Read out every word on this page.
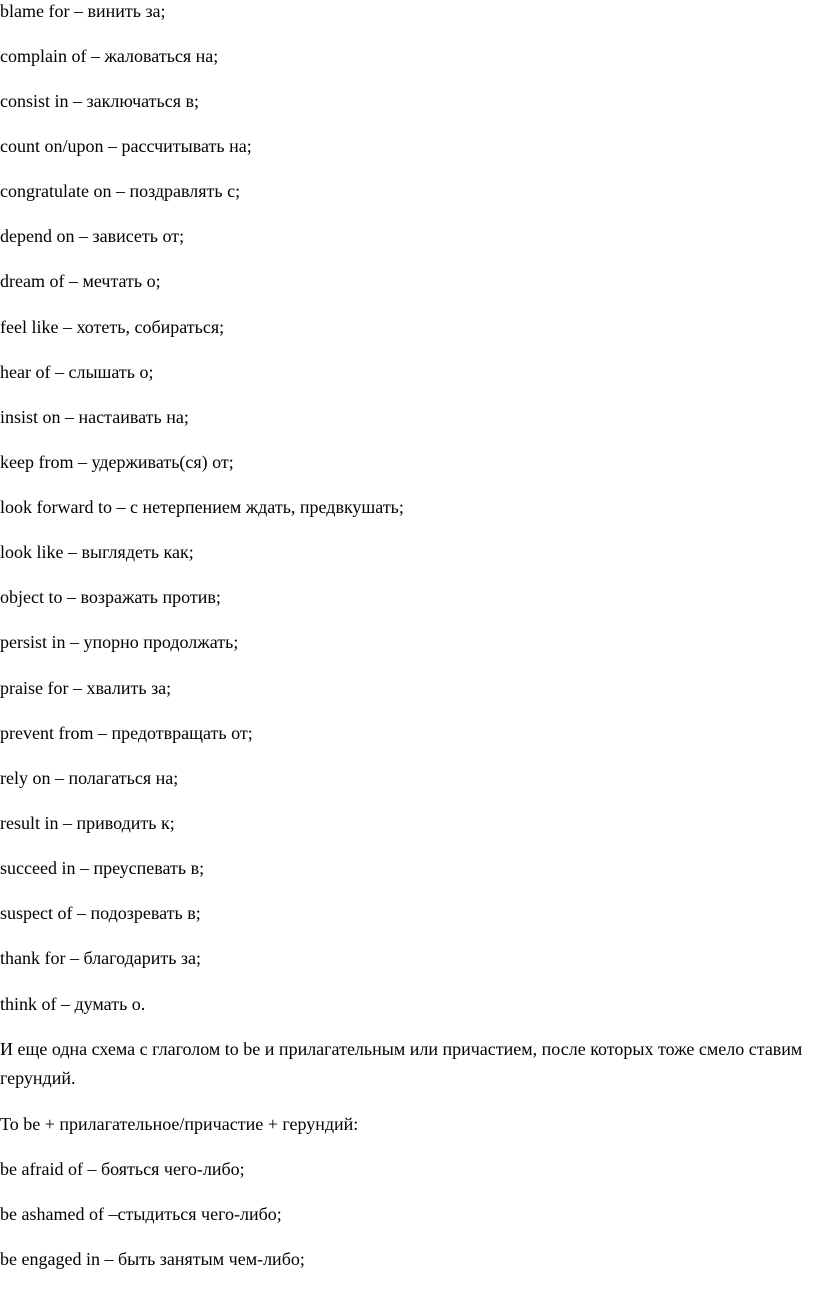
blame for – винить за;
complain of – жаловаться на;
consist in – заключаться в;
count on/upon – рассчитывать на;
congratulate on – поздравлять с;
depend on – зависеть от;
dream of – мечтать о;
feel like – хотеть, собираться;
hear of – слышать о;
insist on – настаивать на;
keep from – удерживать(ся) от;
look forward to – с нетерпением ждать, предвкушать;
look like – выглядеть как;
object to – возражать против;
persist in – упорно продолжать;
praise for – хвалить за;
prevent from – предотвращать от;
rely on – полагаться на;
result in – приводить к;
succeed in – преуспевать в;
suspect of – подозревать в;
thank for – благодарить за;
think of – думать о.
И еще одна схема с глаголом to be и прилагательным или причастием, после которых тоже смело ставим герундий.
To be + прилагательное/причастие + герундий:
be afraid of – бояться чего-либо;
be ashamed of –стыдиться чего-либо;
be engaged in – быть занятым чем-либо;
